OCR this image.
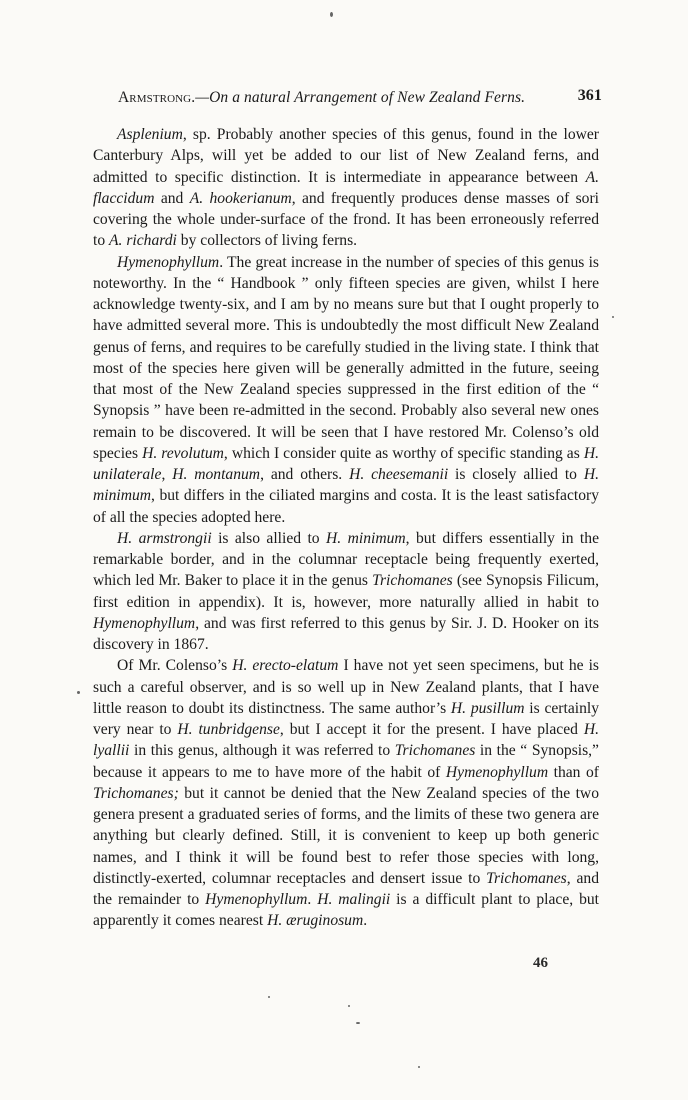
Armstrong.—On a natural Arrangement of New Zealand Ferns.	361

Asplenium, sp. Probably another species of this genus, found in the lower Canterbury Alps, will yet be added to our list of New Zealand ferns, and admitted to specific distinction. It is intermediate in appearance between A. flaccidum and A. hookerianum, and frequently produces dense masses of sori covering the whole under-surface of the frond. It has been erroneously referred to A. richardi by collectors of living ferns.

Hymenophyllum. The great increase in the number of species of this genus is noteworthy. In the “ Handbook ” only fifteen species are given, whilst I here acknowledge twenty-six, and I am by no means sure but that I ought properly to have admitted several more. This is undoubtedly the most difficult New Zealand genus of ferns, and requires to be carefully studied in the living state. I think that most of the species here given will be generally admitted in the future, seeing that most of the New Zealand species suppressed in the first edition of the “ Synopsis ” have been re-admitted in the second. Probably also several new ones remain to be discovered. It will be seen that I have restored Mr. Colenso’s old species H. revolutum, which I consider quite as worthy of specific standing as H. unilaterale, H. montanum, and others. H. cheesemanii is closely allied to H. minimum, but differs in the ciliated margins and costa. It is the least satisfactory of all the species adopted here.

H. armstrongii is also allied to H. minimum, but differs essentially in the remarkable border, and in the columnar receptacle being frequently exerted, which led Mr. Baker to place it in the genus Trichomanes (see Synopsis Filicum, first edition in appendix). It is, however, more naturally allied in habit to Hymenophyllum, and was first referred to this genus by Sir. J. D. Hooker on its discovery in 1867.

Of Mr. Colenso’s H. erecto-elatum I have not yet seen specimens, but he is such a careful observer, and is so well up in New Zealand plants, that I have little reason to doubt its distinctness. The same author’s H. pusillum is certainly very near to H. tunbridgense, but I accept it for the present. I have placed H. lyallii in this genus, although it was referred to Trichomanes in the “ Synopsis,” because it appears to me to have more of the habit of Hymenophyllum than of Trichomanes; but it cannot be denied that the New Zealand species of the two genera present a graduated series of forms, and the limits of these two genera are anything but clearly defined. Still, it is convenient to keep up both generic names, and I think it will be found best to refer those species with long, distinctly-exerted, columnar receptacles and densert issue to Trichomanes, and the remainder to Hymenophyllum. H. malingii is a difficult plant to place, but apparently it comes nearest H. æruginosum.

46
